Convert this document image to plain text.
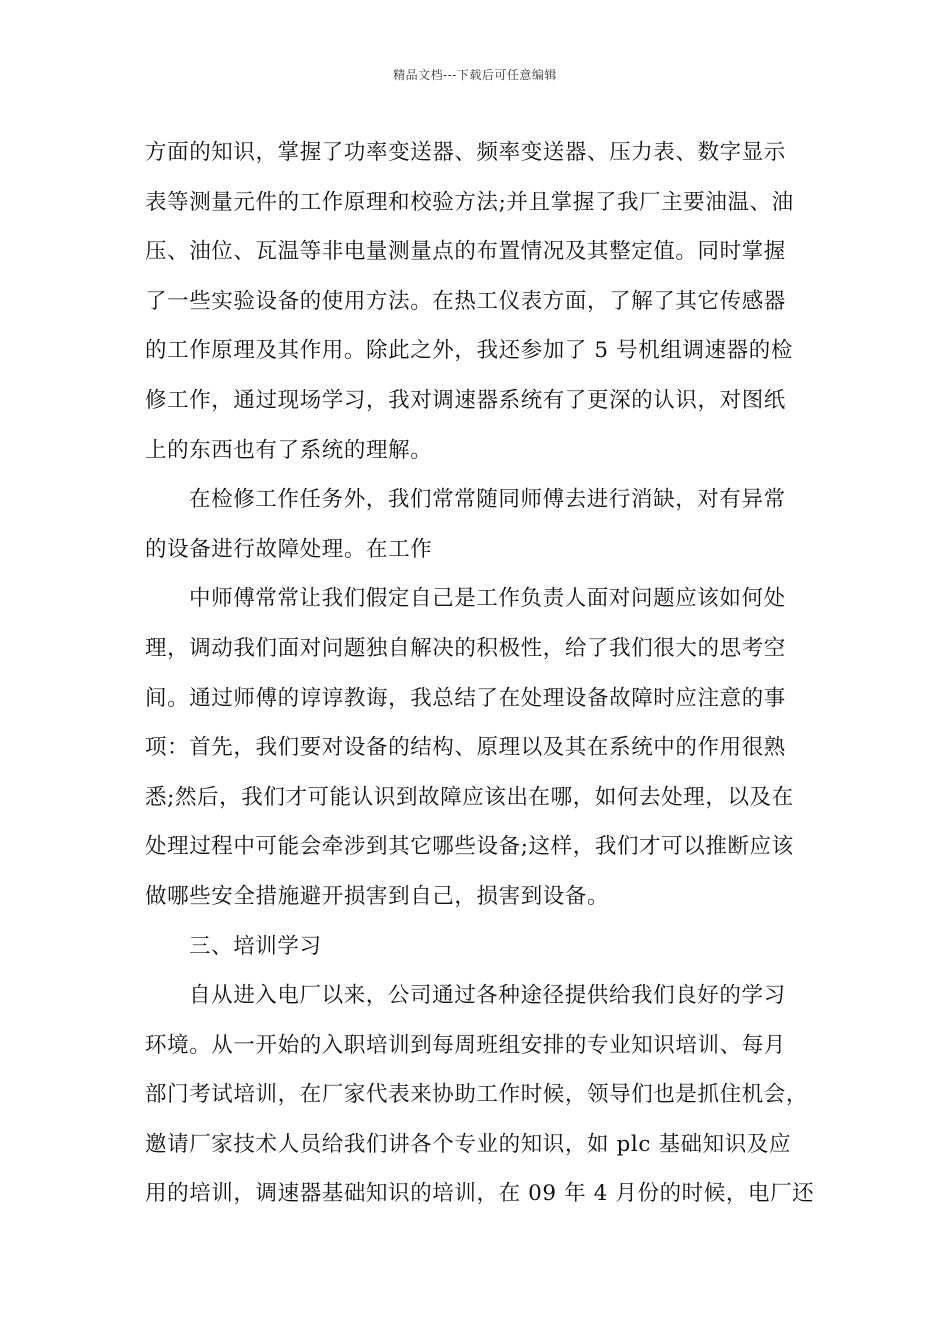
精品文档---下载后可任意编辑
方面的知识，掌握了功率变送器、频率变送器、压力表、数字显示
表等测量元件的工作原理和校验方法;并且掌握了我厂主要油温、油
压、油位、瓦温等非电量测量点的布置情况及其整定值。同时掌握
了一些实验设备的使用方法。在热工仪表方面，了解了其它传感器
的工作原理及其作用。除此之外，我还参加了 5 号机组调速器的检
修工作，通过现场学习，我对调速器系统有了更深的认识，对图纸
上的东西也有了系统的理解。
在检修工作任务外，我们常常随同师傅去进行消缺，对有异常
的设备进行故障处理。在工作
中师傅常常让我们假定自己是工作负责人面对问题应该如何处
理，调动我们面对问题独自解决的积极性，给了我们很大的思考空
间。通过师傅的谆谆教诲，我总结了在处理设备故障时应注意的事
项：首先，我们要对设备的结构、原理以及其在系统中的作用很熟
悉;然后，我们才可能认识到故障应该出在哪，如何去处理，以及在
处理过程中可能会牵涉到其它哪些设备;这样，我们才可以推断应该
做哪些安全措施避开损害到自己，损害到设备。
三、培训学习
自从进入电厂以来，公司通过各种途径提供给我们良好的学习
环境。从一开始的入职培训到每周班组安排的专业知识培训、每月
部门考试培训，在厂家代表来协助工作时候，领导们也是抓住机会，
邀请厂家技术人员给我们讲各个专业的知识，如 plc 基础知识及应
用的培训，调速器基础知识的培训，在 09 年 4 月份的时候，电厂还
